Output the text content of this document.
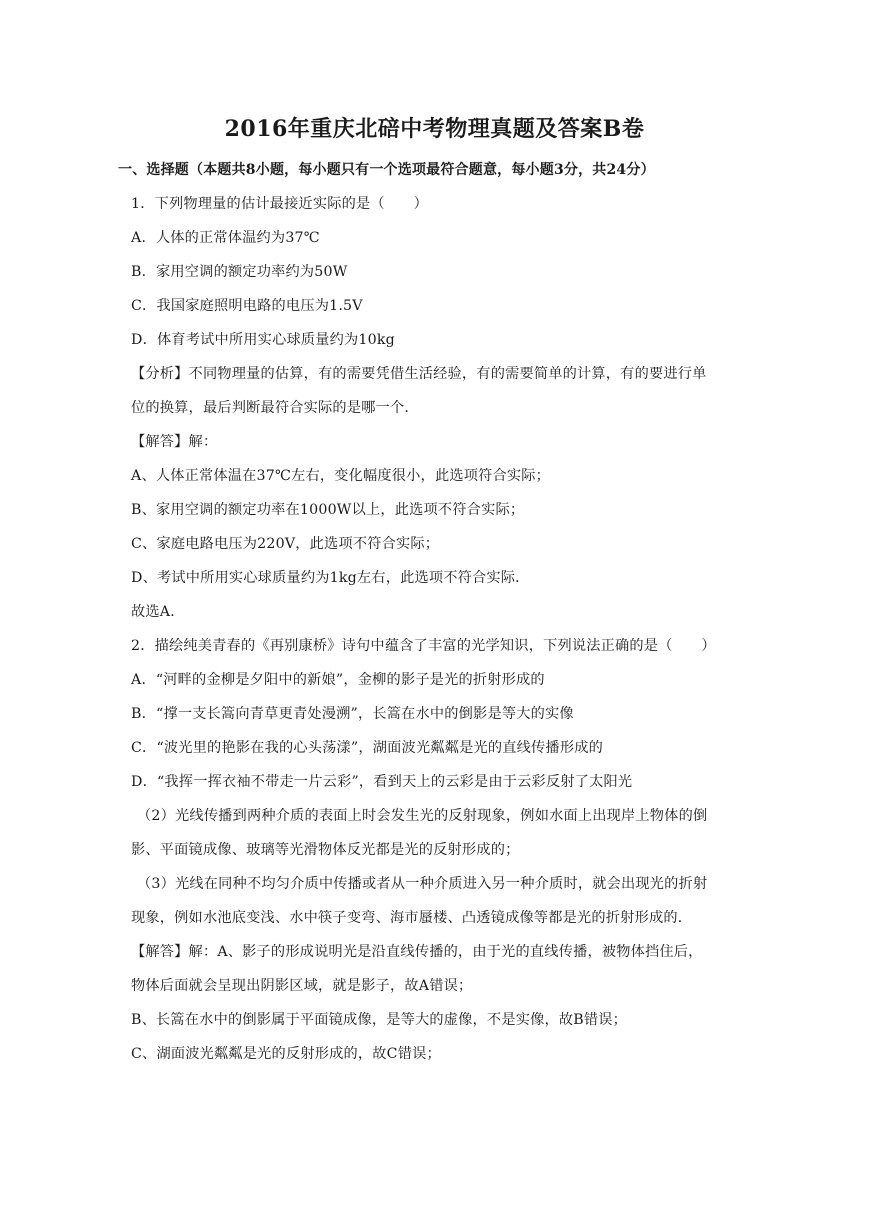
2016年重庆北碚中考物理真题及答案B卷
一、选择题（本题共8小题，每小题只有一个选项最符合题意，每小题3分，共24分）
1．下列物理量的估计最接近实际的是（　　）
A．人体的正常体温约为37℃
B．家用空调的额定功率约为50W
C．我国家庭照明电路的电压为1.5V
D．体育考试中所用实心球质量约为10kg
【分析】不同物理量的估算，有的需要凭借生活经验，有的需要简单的计算，有的要进行单
位的换算，最后判断最符合实际的是哪一个．
【解答】解：
A、人体正常体温在37℃左右，变化幅度很小，此选项符合实际；
B、家用空调的额定功率在1000W以上，此选项不符合实际；
C、家庭电路电压为220V，此选项不符合实际；
D、考试中所用实心球质量约为1kg左右，此选项不符合实际．
故选A．
2．描绘纯美青春的《再别康桥》诗句中蕴含了丰富的光学知识，下列说法正确的是（　　）
A．“河畔的金柳是夕阳中的新娘”，金柳的影子是光的折射形成的
B．“撑一支长篙向青草更青处漫溯”，长篙在水中的倒影是等大的实像
C．“波光里的艳影在我的心头荡漾”，湖面波光粼粼是光的直线传播形成的
D．“我挥一挥衣袖不带走一片云彩”，看到天上的云彩是由于云彩反射了太阳光
（2）光线传播到两种介质的表面上时会发生光的反射现象，例如水面上出现岸上物体的倒
影、平面镜成像、玻璃等光滑物体反光都是光的反射形成的；
（3）光线在同种不均匀介质中传播或者从一种介质进入另一种介质时，就会出现光的折射
现象，例如水池底变浅、水中筷子变弯、海市蜃楼、凸透镜成像等都是光的折射形成的．
【解答】解：A、影子的形成说明光是沿直线传播的，由于光的直线传播，被物体挡住后，
物体后面就会呈现出阴影区域，就是影子，故A错误；
B、长篙在水中的倒影属于平面镜成像，是等大的虚像，不是实像，故B错误；
C、湖面波光粼粼是光的反射形成的，故C错误；
